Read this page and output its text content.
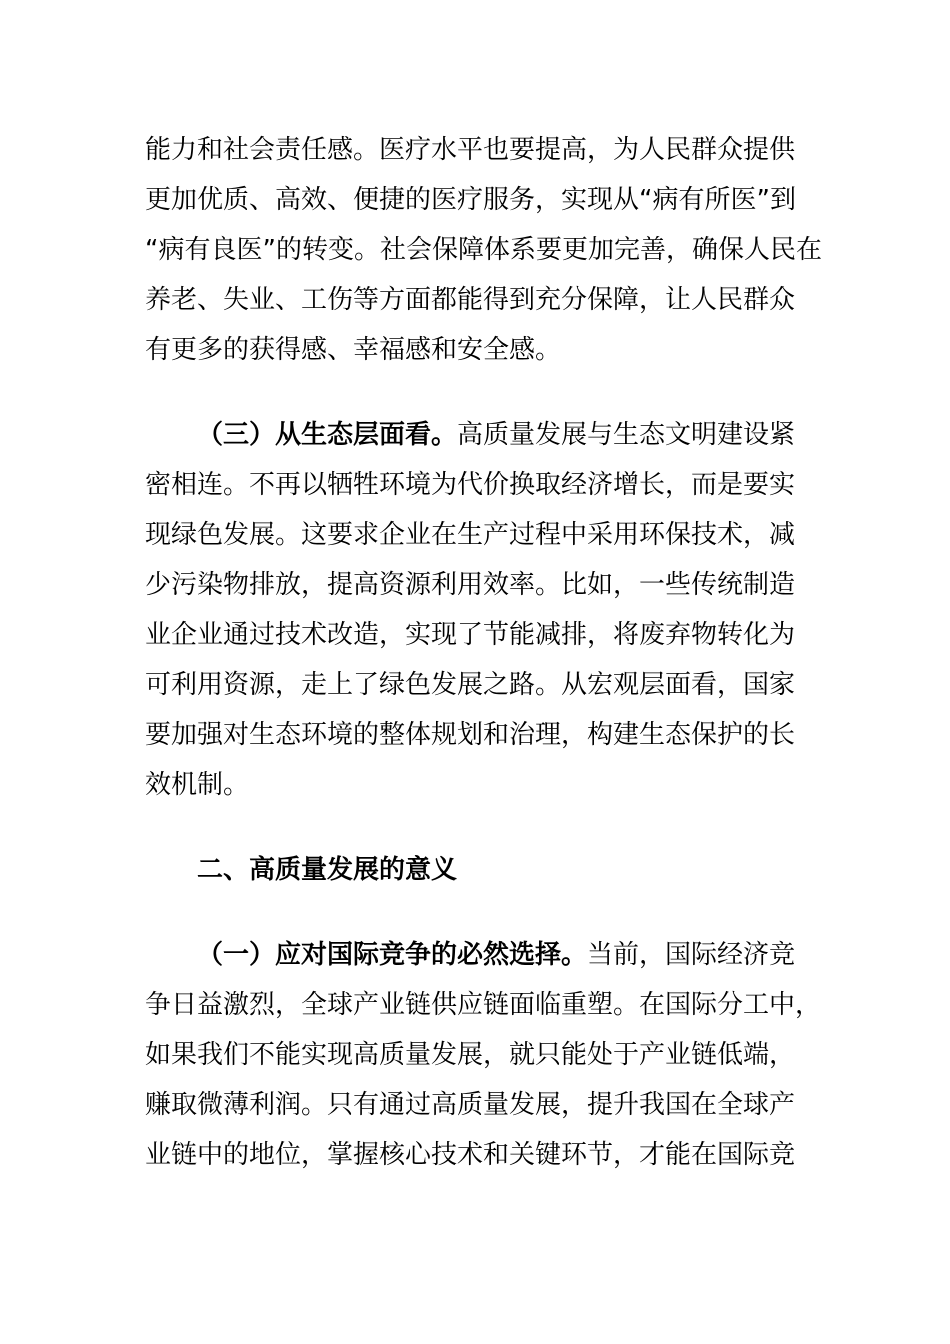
能力和社会责任感。医疗水平也要提高，为人民群众提供
更加优质、高效、便捷的医疗服务，实现从“病有所医”到
“病有良医”的转变。社会保障体系要更加完善，确保人民在
养老、失业、工伤等方面都能得到充分保障，让人民群众
有更多的获得感、幸福感和安全感。
（三）从生态层面看。高质量发展与生态文明建设紧
密相连。不再以牺牲环境为代价换取经济增长，而是要实
现绿色发展。这要求企业在生产过程中采用环保技术，减
少污染物排放，提高资源利用效率。比如，一些传统制造
业企业通过技术改造，实现了节能减排，将废弃物转化为
可利用资源，走上了绿色发展之路。从宏观层面看，国家
要加强对生态环境的整体规划和治理，构建生态保护的长
效机制。
二、高质量发展的意义
（一）应对国际竞争的必然选择。当前，国际经济竞
争日益激烈，全球产业链供应链面临重塑。在国际分工中，
如果我们不能实现高质量发展，就只能处于产业链低端，
赚取微薄利润。只有通过高质量发展，提升我国在全球产
业链中的地位，掌握核心技术和关键环节，才能在国际竞
